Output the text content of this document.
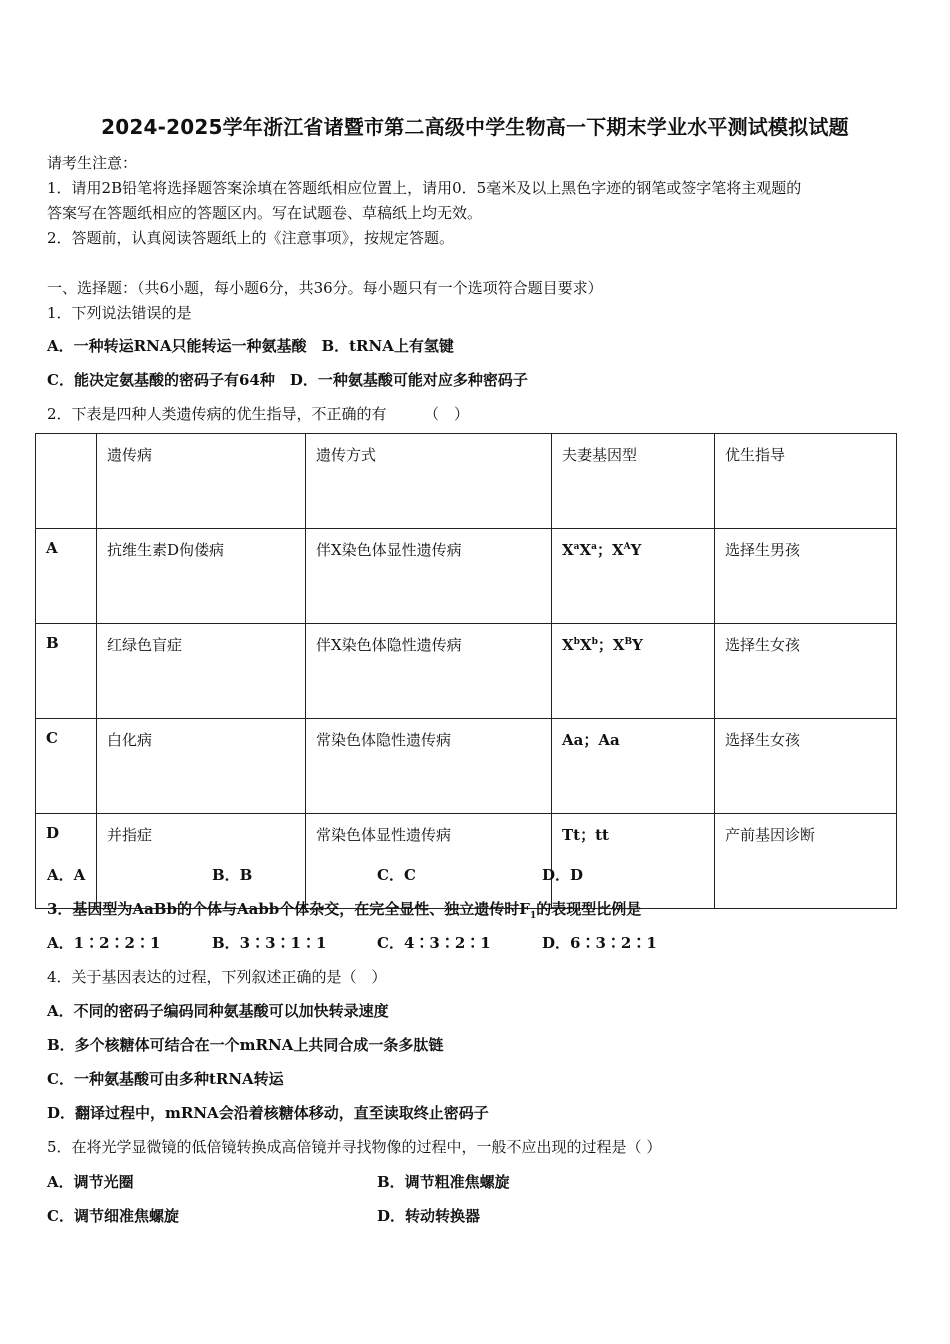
2024-2025学年浙江省诸暨市第二高级中学生物高一下期末学业水平测试模拟试题
请考生注意：
1．请用2B铅笔将选择题答案涂填在答题纸相应位置上，请用0．5毫米及以上黑色字迹的钢笔或签字笔将主观题的
答案写在答题纸相应的答题区内。写在试题卷、草稿纸上均无效。
2．答题前，认真阅读答题纸上的《注意事项》，按规定答题。
一、选择题：（共6小题，每小题6分，共36分。每小题只有一个选项符合题目要求）
1．下列说法错误的是
A．一种转运RNA只能转运一种氨基酸　B．tRNA上有氢键
C．能决定氨基酸的密码子有64种　D．一种氨基酸可能对应多种密码子
2．下表是四种人类遗传病的优生指导，不正确的有　　　（　）
	遗传病	遗传方式	夫妻基因型	优生指导
A	抗维生素D佝偻病	伴X染色体显性遗传病	$X^aX^a$；$X^AY$	选择生男孩
B	红绿色盲症	伴X染色体隐性遗传病	$X^bX^b$；$X^BY$	选择生女孩
C	白化病	常染色体隐性遗传病	Aa；Aa	选择生女孩
D	并指症	常染色体显性遗传病	Tt；tt	产前基因诊断
A．A	B．B	C．C	D．D
3．基因型为AaBb的个体与Aabb个体杂交，在完全显性、独立遗传时$F_1$的表现型比例是
A．1∶2∶2∶1	B．3∶3∶1∶1	C．4∶3∶2∶1	D．6∶3∶2∶1
4．关于基因表达的过程，下列叙述正确的是（　）
A．不同的密码子编码同种氨基酸可以加快转录速度
B．多个核糖体可结合在一个mRNA上共同合成一条多肽链
C．一种氨基酸可由多种tRNA转运
D．翻译过程中，mRNA会沿着核糖体移动，直至读取终止密码子
5．在将光学显微镜的低倍镜转换成高倍镜并寻找物像的过程中，一般不应出现的过程是（ ）
A．调节光圈	B．调节粗准焦螺旋
C．调节细准焦螺旋	D．转动转换器
